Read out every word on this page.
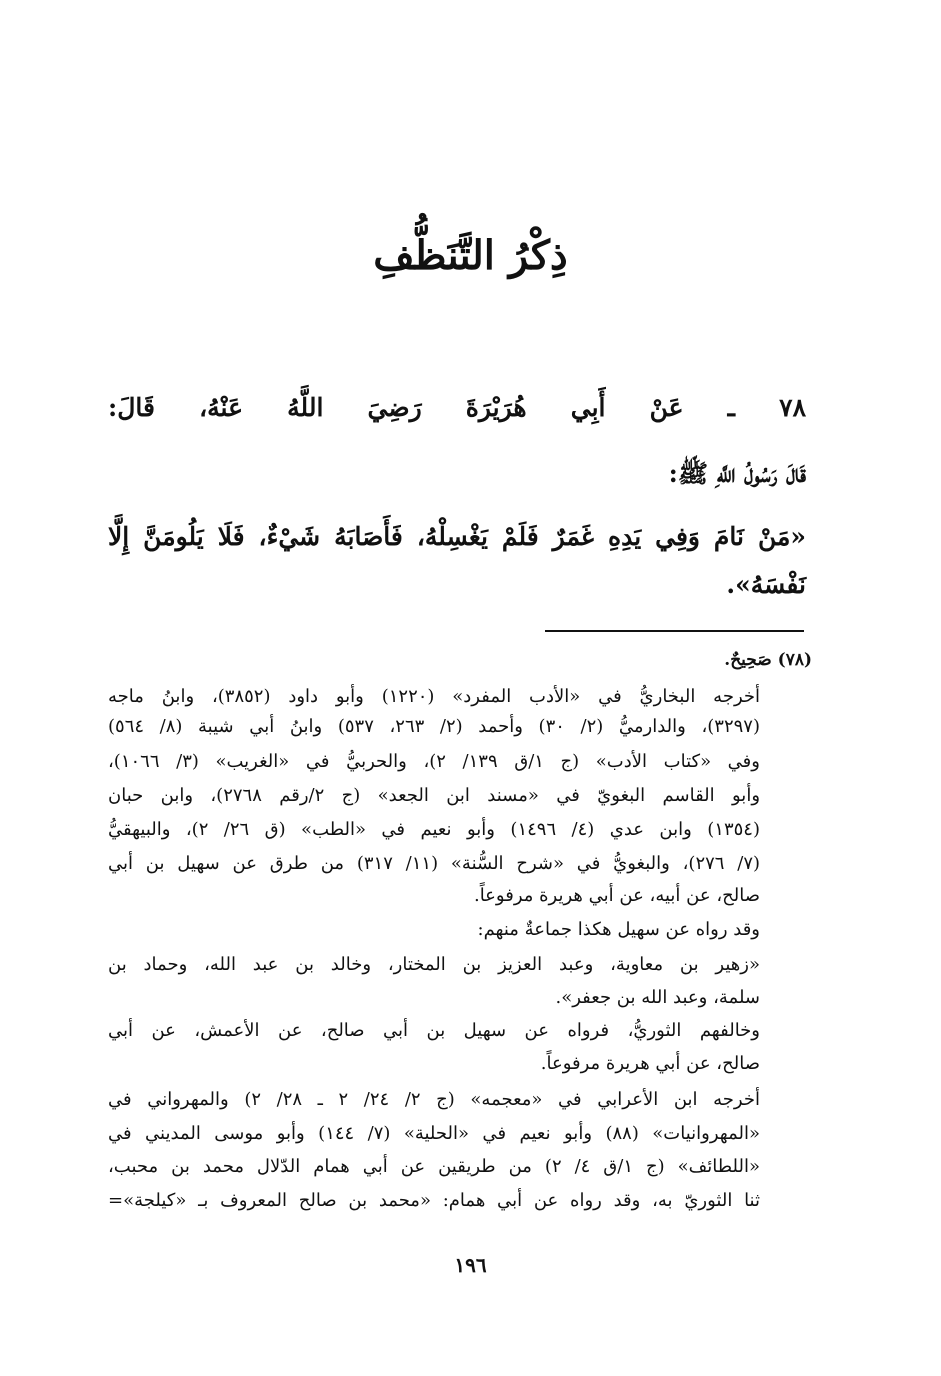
ذِكْرُ التَّنَظُّفِ
٧٨ ـ عَنْ أَبِي هُرَيْرَةَ رَضِيَ اللَّهُ عَنْهُ، قَالَ:
قَالَ رَسُولُ اللَّهِ ﷺ:
«مَنْ نَامَ وَفِي يَدِهِ غَمَرٌ فَلَمْ يَغْسِلْهُ، فَأَصَابَهُ شَيْءٌ، فَلَا يَلُومَنَّ إِلَّا
نَفْسَهُ».
(٧٨) صَحِيحٌ.
أخرجه البخاريُّ في «الأدب المفرد» (١٢٢٠) وأبو داود (٣٨٥٢)، وابنُ ماجه
(٣٢٩٧)، والدارميُّ (٢/ ٣٠) وأحمد (٢/ ٢٦٣، ٥٣٧) وابنُ أبي شيبة (٨/ ٥٦٤)
وفي «كتاب الأدب» (ج ١/ق ١٣٩/ ٢)، والحربيُّ في «الغريب» (٣/ ١٠٦٦)،
وأبو القاسم البغويّ في «مسند ابن الجعد» (ج ٢/رقم ٢٧٦٨)، وابن حبان
(١٣٥٤) وابن عدي (٤/ ١٤٩٦) وأبو نعيم في «الطب» (ق ٢٦/ ٢)، والبيهقيُّ
(٧/ ٢٧٦)، والبغويُّ في «شرح السُّنة» (١١/ ٣١٧) من طرق عن سهيل بن أبي
صالح، عن أبيه، عن أبي هريرة مرفوعاً.
وقد رواه عن سهيل هكذا جماعةٌ منهم:
«زهير بن معاوية، وعبد العزيز بن المختار، وخالد بن عبد الله، وحماد بن
سلمة، وعبد الله بن جعفر».
وخالفهم الثوريُّ، فرواه عن سهيل بن أبي صالح، عن الأعمش، عن أبي
صالح، عن أبي هريرة مرفوعاً.
أخرجه ابن الأعرابي في «معجمه» (ج ٢/ ٢٤/ ٢ ـ ٢٨/ ٢) والمهرواني في
«المهروانيات» (٨٨) وأبو نعيم في «الحلية» (٧/ ١٤٤) وأبو موسى المديني في
«اللطائف» (ج ١/ق ٤/ ٢) من طريقين عن أبي همام الدّلال محمد بن محبب،
ثنا الثوريّ به، وقد رواه عن أبي همام: «محمد بن صالح المعروف بـ «كيلجة»=
١٩٦
